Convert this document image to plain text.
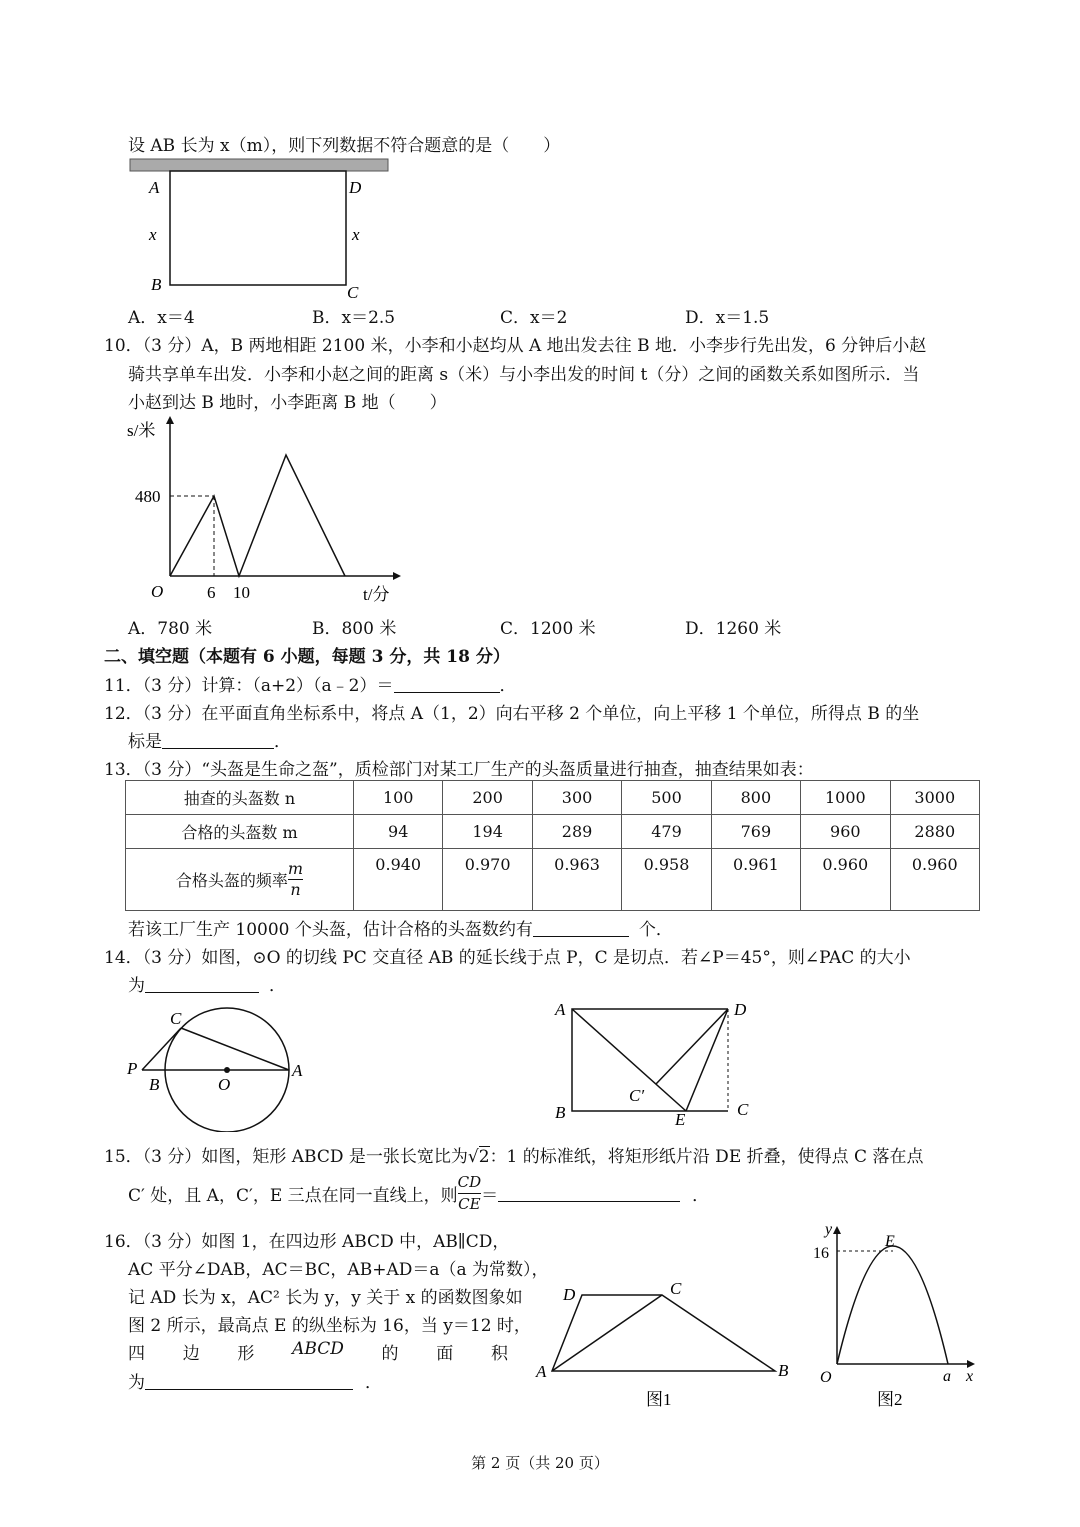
设 AB 长为 x（m），则下列数据不符合题意的是（　　）
A	D
x	x
B	C
A．x＝4	B．x＝2.5	C．x＝2	D．x＝1.5
10．（3 分）A，B 两地相距 2100 米，小李和小赵均从 A 地出发去往 B 地．小李步行先出发，6 分钟后小赵
骑共享单车出发．小李和小赵之间的距离 s（米）与小李出发的时间 t（分）之间的函数关系如图所示．当
小赵到达 B 地时，小李距离 B 地（　　）
s/米
480
O	6 10	t/分
A．780 米	B．800 米	C．1200 米	D．1260 米
二、填空题（本题有 6 小题，每题 3 分，共 18 分）
11．（3 分）计算：（a+2）（a﹣2）＝	．
12．（3 分）在平面直角坐标系中，将点 A（1，2）向右平移 2 个单位，向上平移 1 个单位，所得点 B 的坐
标是	．
13．（3 分）“头盔是生命之盔”，质检部门对某工厂生产的头盔质量进行抽查，抽查结果如表：
抽查的头盔数 n	100	200	300	500	800	1000	3000
合格的头盔数 m	94	194	289	479	769	960	2880
合格头盔的频率 $\frac{m}{n}$	0.940	0.970	0.963	0.958	0.961	0.960	0.960
若该工厂生产 10000 个头盔，估计合格的头盔数约有	个．
14．（3 分）如图，⊙O 的切线 PC 交直径 AB 的延长线于点 P，C 是切点．若∠P＝45°，则∠PAC 的大小
为	．
P
B	O
A
C	A	D
B	C
E
C′
15．（3 分）如图，矩形 ABCD 是一张长宽比为√2：1 的标准纸，将矩形纸片沿 DE 折叠，使得点 C 落在点
C′ 处，且 A，C′，E 三点在同一直线上，则 $\frac{CD}{CE}$ ＝	．
16．（3 分）如图 1，在四边形 ABCD 中，AB∥CD，
AC 平分∠DAB，AC＝BC，AB+AD＝a（a 为常数），
记 AD 长为 x，AC² 长为 y，y 关于 x 的函数图象如
图 2 所示，最高点 E 的纵坐标为 16，当 y＝12 时，
四 边 形 ABCD 的 面 积
为	．
A
D	C
B
图1
y
16
E
O	a x
图2
第 2 页（共 20 页）
